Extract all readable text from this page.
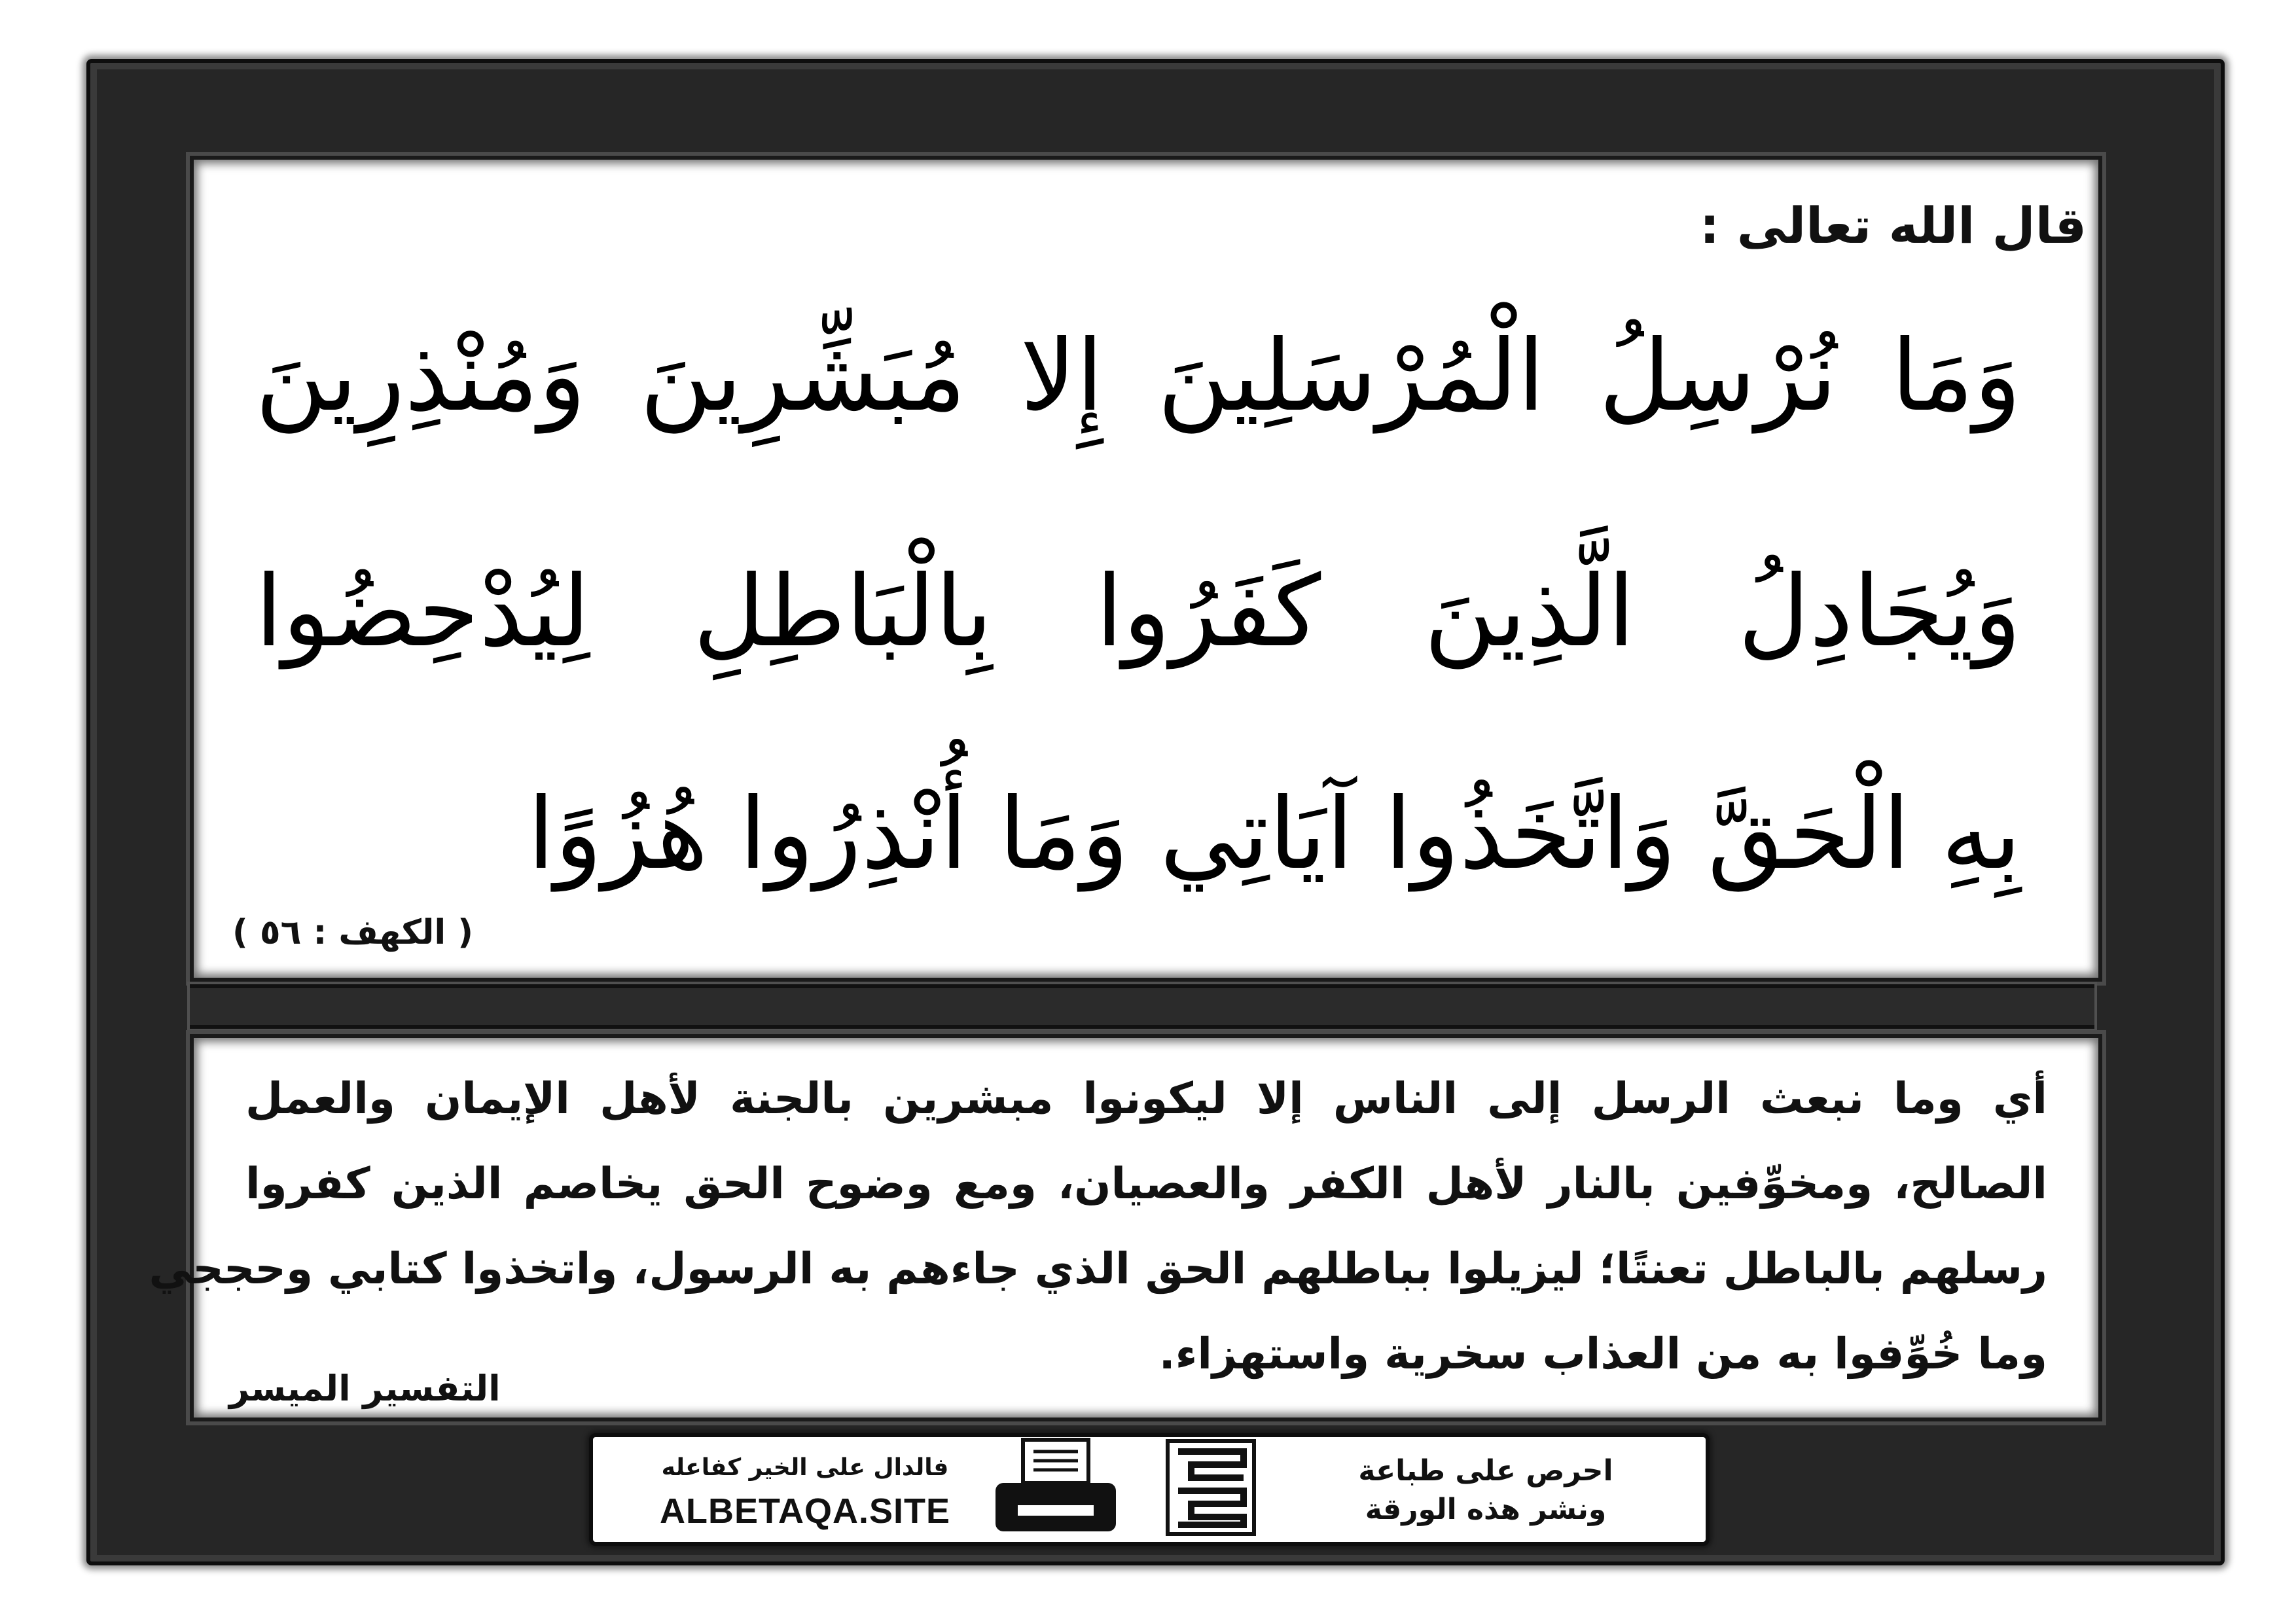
قال الله تعالى :
وَمَا نُرْسِلُ الْمُرْسَلِينَ إِلا مُبَشِّرِينَ وَمُنْذِرِينَ
وَيُجَادِلُ الَّذِينَ كَفَرُوا بِالْبَاطِلِ لِيُدْحِضُوا
بِهِ الْحَقَّ وَاتَّخَذُوا آيَاتِي وَمَا أُنْذِرُوا هُزُوًا
( الكهف : ٥٦ )
أي وما نبعث الرسل إلى الناس إلا ليكونوا مبشرين بالجنة لأهل الإيمان والعمل
الصالح، ومخوِّفين بالنار لأهل الكفر والعصيان، ومع وضوح الحق يخاصم الذين كفروا
رسلهم بالباطل تعنتًا؛ ليزيلوا بباطلهم الحق الذي جاءهم به الرسول، واتخذوا كتابي وحججي
وما خُوِّفوا به من العذاب سخرية واستهزاء.
التفسير الميسر
فالدال على الخير كفاعله
ALBETAQA.SITE
احرص على طباعة
ونشر هذه الورقة
